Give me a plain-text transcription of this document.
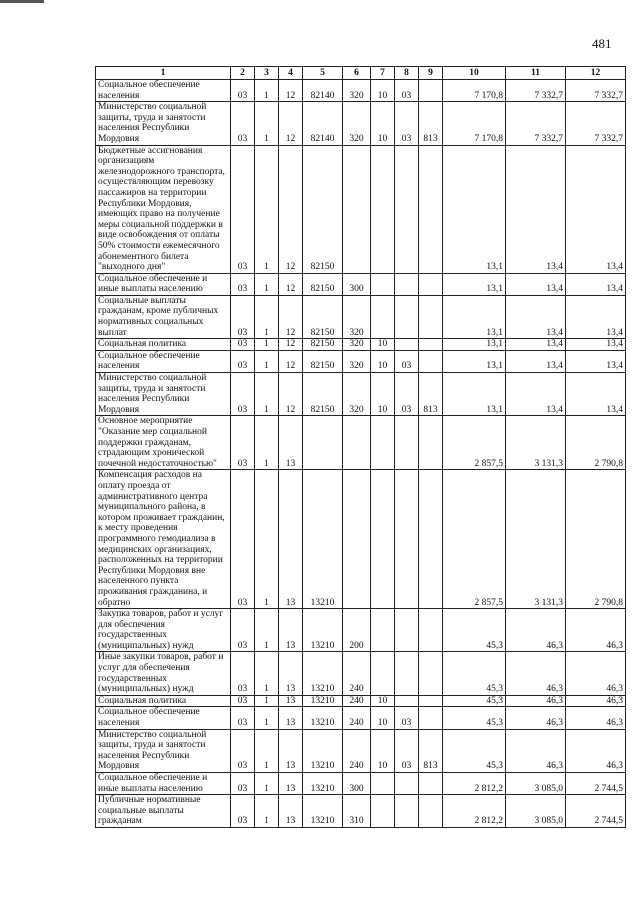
481
1	2	3	4	5	6	7	8	9	10	11	12
Социальное обеспечение населения	03	1	12	82140	320	10	03		7 170,8	7 332,7	7 332,7
Министерство социальной защиты, труда и занятости населения Республики Мордовия	03	1	12	82140	320	10	03	813	7 170,8	7 332,7	7 332,7
Бюджетные ассигнования организациям железнодорожного транспорта, осуществляющим перевозку пассажиров на территории Республики Мордовия, имеющих право на получение меры социальной поддержки в виде освобождения от оплаты 50% стоимости ежемесячного абонементного билета "выходного дня"	03	1	12	82150					13,1	13,4	13,4
Социальное обеспечение и иные выплаты населению	03	1	12	82150	300				13,1	13,4	13,4
Социальные выплаты гражданам, кроме публичных нормативных социальных выплат	03	1	12	82150	320				13,1	13,4	13,4
Социальная политика	03	1	12	82150	320	10			13,1	13,4	13,4
Социальное обеспечение населения	03	1	12	82150	320	10	03		13,1	13,4	13,4
Министерство социальной защиты, труда и занятости населения Республики Мордовия	03	1	12	82150	320	10	03	813	13,1	13,4	13,4
Основное мероприятие "Оказание мер социальной поддержки гражданам, страдающим хронической почечной недостаточностью"	03	1	13						2 857,5	3 131,3	2 790,8
Компенсация расходов на оплату проезда от административного центра муниципального района, в котором проживает гражданин, к месту проведения программного гемодиализа в медицинских организациях, расположенных на территории Республики Мордовия вне населенного пункта проживания гражданина, и обратно	03	1	13	13210					2 857,5	3 131,3	2 790,8
Закупка товаров, работ и услуг для обеспечения государственных (муниципальных) нужд	03	1	13	13210	200				45,3	46,3	46,3
Иные закупки товаров, работ и услуг для обеспечения государственных (муниципальных) нужд	03	1	13	13210	240				45,3	46,3	46,3
Социальная политика	03	1	13	13210	240	10			45,3	46,3	46,3
Социальное обеспечение населения	03	1	13	13210	240	10	03		45,3	46,3	46,3
Министерство социальной защиты, труда и занятости населения Республики Мордовия	03	1	13	13210	240	10	03	813	45,3	46,3	46,3
Социальное обеспечение и иные выплаты населению	03	1	13	13210	300				2 812,2	3 085,0	2 744,5
Публичные нормативные социальные выплаты гражданам	03	1	13	13210	310				2 812,2	3 085,0	2 744,5
